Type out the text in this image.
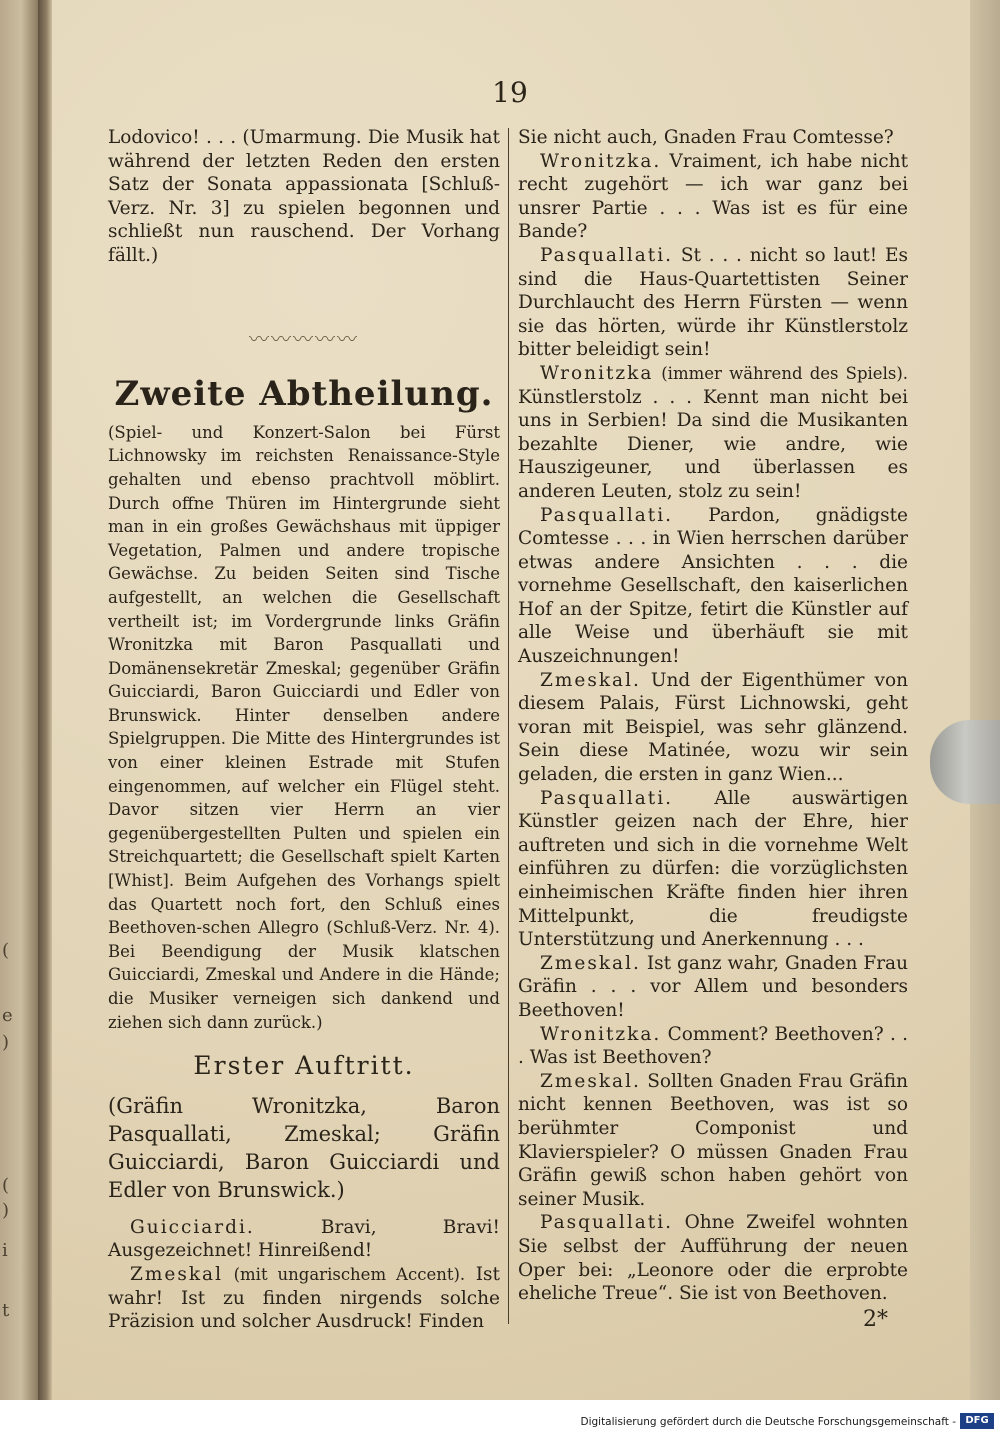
(
e
)
(
)
i
t
19

Lodovico! . . . (Umarmung. Die Musik hat während der letzten Reden den ersten Satz der Sonata appassionata [Schluß-Verz. Nr. 3] zu spielen begonnen und schließt nun rauschend. Der Vorhang fällt.)

〰〰〰〰〰
Zweite Abtheilung.

(Spiel- und Konzert-Salon bei Fürst Lichnowsky im reichsten Renaissance-Style gehalten und ebenso prachtvoll möblirt. Durch offne Thüren im Hintergrunde sieht man in ein großes Gewächshaus mit üppiger Vegetation, Palmen und andere tropische Gewächse. Zu beiden Seiten sind Tische aufgestellt, an welchen die Gesellschaft vertheilt ist; im Vordergrunde links Gräfin Wronitzka mit Baron Pasquallati und Domänensekretär Zmeskal; gegenüber Gräfin Guicciardi, Baron Guicciardi und Edler von Brunswick. Hinter denselben andere Spielgruppen. Die Mitte des Hintergrundes ist von einer kleinen Estrade mit Stufen eingenommen, auf welcher ein Flügel steht. Davor sitzen vier Herrn an vier gegenübergestellten Pulten und spielen ein Streichquartett; die Gesellschaft spielt Karten [Whist]. Beim Aufgehen des Vorhangs spielt das Quartett noch fort, den Schluß eines Beethoven-schen Allegro (Schluß-Verz. Nr. 4). Bei Beendigung der Musik klatschen Guicciardi, Zmeskal und Andere in die Hände; die Musiker verneigen sich dankend und ziehen sich dann zurück.)

Erster Auftritt.

(Gräfin Wronitzka, Baron Pasquallati, Zmeskal; Gräfin Guicciardi, Baron Guicciardi und Edler von Brunswick.)

Guicciardi.	Bravi, Bravi! Ausgezeichnet! Hinreißend!

Zmeskal (mit ungarischem Accent). Ist wahr! Ist zu finden nirgends solche Präzision und solcher Ausdruck! Finden

Sie nicht auch, Gnaden Frau Comtesse?

Wronitzka. Vraiment, ich habe nicht recht zugehört — ich war ganz bei unsrer Partie . . . Was ist es für eine Bande?

Pasquallati. St . . . nicht so laut! Es sind die Haus-Quartettisten Seiner Durchlaucht des Herrn Fürsten — wenn sie das hörten, würde ihr Künstlerstolz bitter beleidigt sein!

Wronitzka (immer während des Spiels). Künstlerstolz . . . Kennt man nicht bei uns in Serbien! Da sind die Musikanten bezahlte Diener, wie andre, wie Hauszigeuner, und überlassen es anderen Leuten, stolz zu sein!

Pasquallati. Pardon, gnädigste Comtesse . . . in Wien herrschen darüber etwas andere Ansichten . . . die vornehme Gesellschaft, den kaiserlichen Hof an der Spitze, fetirt die Künstler auf alle Weise und überhäuft sie mit Auszeichnungen!

Zmeskal. Und der Eigenthümer von diesem Palais, Fürst Lichnowski, geht voran mit Beispiel, was sehr glänzend. Sein diese Matinée, wozu wir sein geladen, die ersten in ganz Wien...

Pasquallati. Alle auswärtigen Künstler geizen nach der Ehre, hier auftreten und sich in die vornehme Welt einführen zu dürfen: die vorzüglichsten einheimischen Kräfte finden hier ihren Mittelpunkt, die freudigste Unterstützung und Anerkennung . . .

Zmeskal. Ist ganz wahr, Gnaden Frau Gräfin . . . vor Allem und besonders Beethoven!

Wronitzka. Comment? Beethoven? . . . Was ist Beethoven?

Zmeskal. Sollten Gnaden Frau Gräfin nicht kennen Beethoven, was ist so berühmter Componist und Klavierspieler? O müssen Gnaden Frau Gräfin gewiß schon haben gehört von seiner Musik.

Pasquallati. Ohne Zweifel wohnten Sie selbst der Aufführung der neuen Oper bei: „Leonore oder die erprobte eheliche Treue“. Sie ist von Beethoven.

2*
Digitalisierung gefördert durch die Deutsche Forschungsgemeinschaft - DFG
